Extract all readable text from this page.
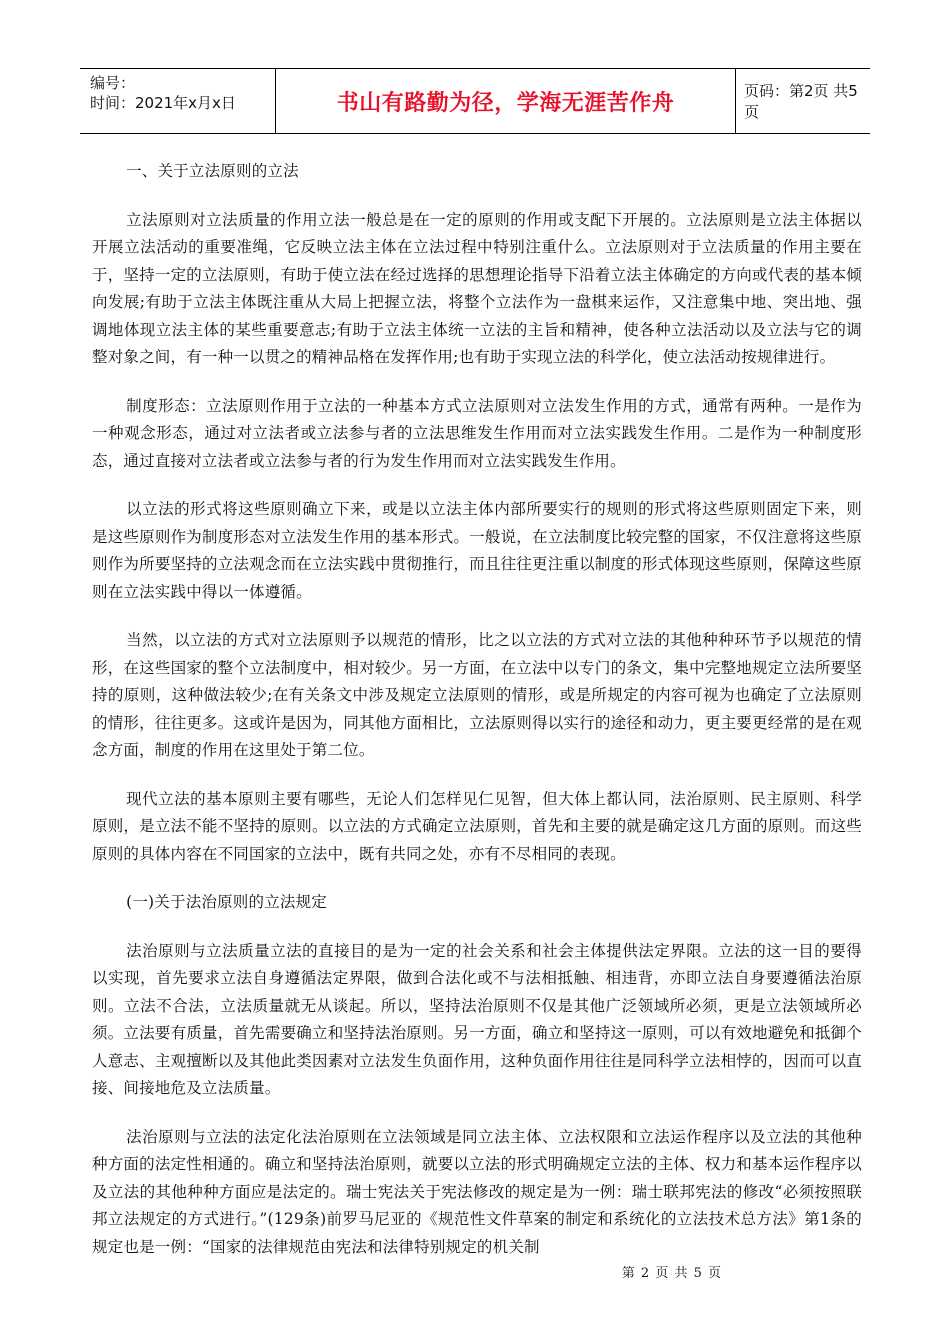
编号：
时间：2021年x月x日	书山有路勤为径，学海无涯苦作舟	页码：第2页 共5页

一、关于立法原则的立法

立法原则对立法质量的作用立法一般总是在一定的原则的作用或支配下开展的。立法原则是立法主体据以开展立法活动的重要准绳，它反映立法主体在立法过程中特别注重什么。立法原则对于立法质量的作用主要在于，坚持一定的立法原则，有助于使立法在经过选择的思想理论指导下沿着立法主体确定的方向或代表的基本倾向发展;有助于立法主体既注重从大局上把握立法，将整个立法作为一盘棋来运作，又注意集中地、突出地、强调地体现立法主体的某些重要意志;有助于立法主体统一立法的主旨和精神，使各种立法活动以及立法与它的调整对象之间，有一种一以贯之的精神品格在发挥作用;也有助于实现立法的科学化，使立法活动按规律进行。

制度形态：立法原则作用于立法的一种基本方式立法原则对立法发生作用的方式，通常有两种。一是作为一种观念形态，通过对立法者或立法参与者的立法思维发生作用而对立法实践发生作用。二是作为一种制度形态，通过直接对立法者或立法参与者的行为发生作用而对立法实践发生作用。

以立法的形式将这些原则确立下来，或是以立法主体内部所要实行的规则的形式将这些原则固定下来，则是这些原则作为制度形态对立法发生作用的基本形式。一般说，在立法制度比较完整的国家，不仅注意将这些原则作为所要坚持的立法观念而在立法实践中贯彻推行，而且往往更注重以制度的形式体现这些原则，保障这些原则在立法实践中得以一体遵循。

当然，以立法的方式对立法原则予以规范的情形，比之以立法的方式对立法的其他种种环节予以规范的情形，在这些国家的整个立法制度中，相对较少。另一方面，在立法中以专门的条文，集中完整地规定立法所要坚持的原则，这种做法较少;在有关条文中涉及规定立法原则的情形，或是所规定的内容可视为也确定了立法原则的情形，往往更多。这或许是因为，同其他方面相比，立法原则得以实行的途径和动力，更主要更经常的是在观念方面，制度的作用在这里处于第二位。

现代立法的基本原则主要有哪些，无论人们怎样见仁见智，但大体上都认同，法治原则、民主原则、科学原则，是立法不能不坚持的原则。以立法的方式确定立法原则，首先和主要的就是确定这几方面的原则。而这些原则的具体内容在不同国家的立法中，既有共同之处，亦有不尽相同的表现。

(一)关于法治原则的立法规定

法治原则与立法质量立法的直接目的是为一定的社会关系和社会主体提供法定界限。立法的这一目的要得以实现，首先要求立法自身遵循法定界限，做到合法化或不与法相抵触、相违背，亦即立法自身要遵循法治原则。立法不合法，立法质量就无从谈起。所以，坚持法治原则不仅是其他广泛领域所必须，更是立法领域所必须。立法要有质量，首先需要确立和坚持法治原则。另一方面，确立和坚持这一原则，可以有效地避免和抵御个人意志、主观擅断以及其他此类因素对立法发生负面作用，这种负面作用往往是同科学立法相悖的，因而可以直接、间接地危及立法质量。

法治原则与立法的法定化法治原则在立法领域是同立法主体、立法权限和立法运作程序以及立法的其他种种方面的法定性相通的。确立和坚持法治原则，就要以立法的形式明确规定立法的主体、权力和基本运作程序以及立法的其他种种方面应是法定的。瑞士宪法关于宪法修改的规定是为一例：瑞士联邦宪法的修改“必须按照联邦立法规定的方式进行。”(129条)前罗马尼亚的《规范性文件草案的制定和系统化的立法技术总方法》第1条的规定也是一例：“国家的法律规范由宪法和法律特别规定的机关制

第 2 页 共 5 页
